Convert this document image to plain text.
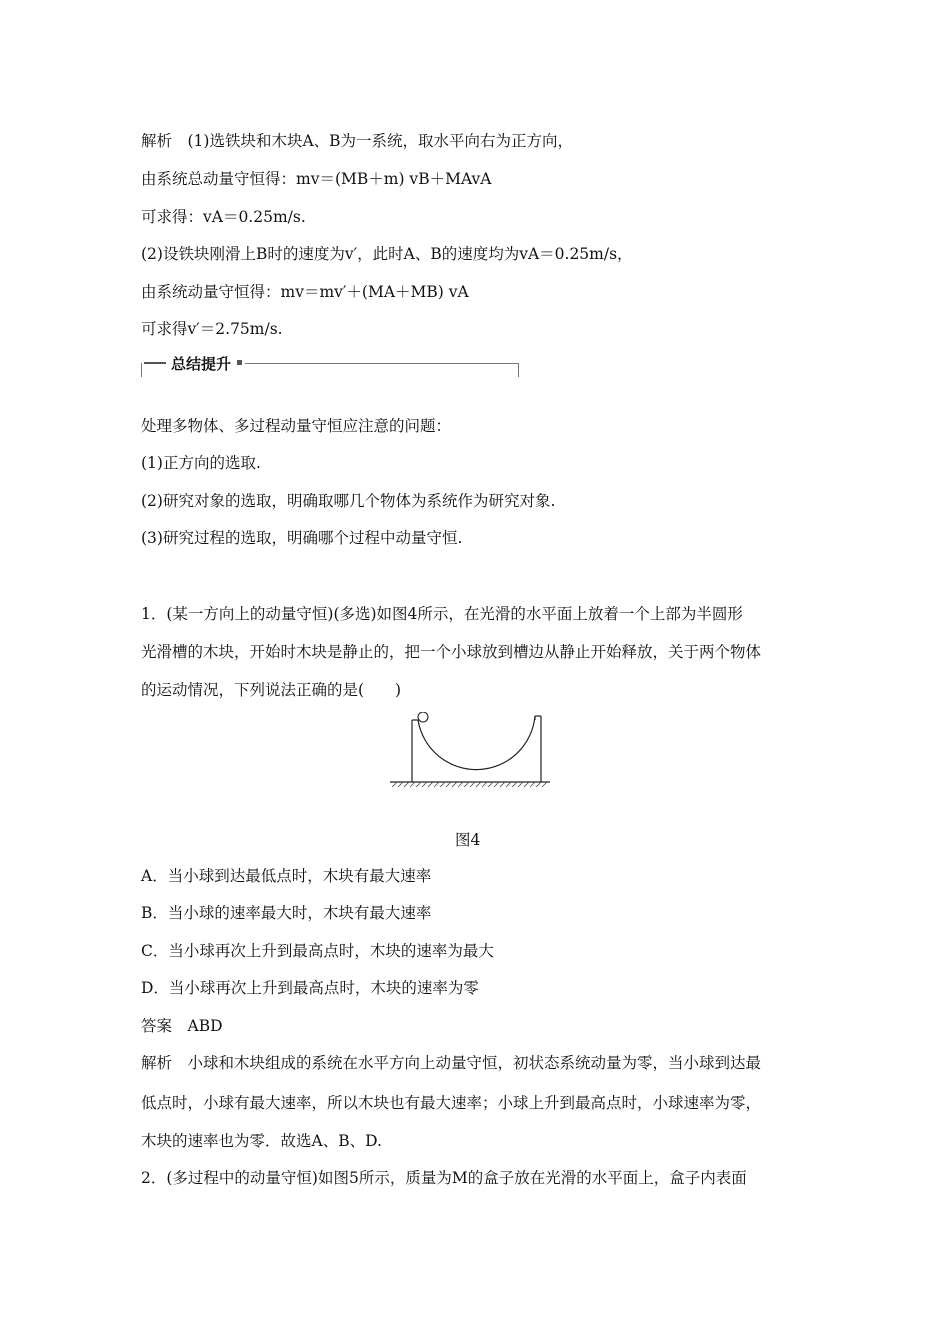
解析　(1)选铁块和木块A、B为一系统，取水平向右为正方向，
由系统总动量守恒得：mv＝(MB＋m) vB＋MAvA
可求得：vA＝0.25m/s.
(2)设铁块刚滑上B时的速度为v′，此时A、B的速度均为vA＝0.25m/s，
由系统动量守恒得：mv＝mv′＋(MA＋MB) vA
可求得v′＝2.75m/s.
处理多物体、多过程动量守恒应注意的问题：
(1)正方向的选取.
(2)研究对象的选取，明确取哪几个物体为系统作为研究对象.
(3)研究过程的选取，明确哪个过程中动量守恒.
1．(某一方向上的动量守恒)(多选)如图4所示，在光滑的水平面上放着一个上部为半圆形
光滑槽的木块，开始时木块是静止的，把一个小球放到槽边从静止开始释放，关于两个物体
的运动情况，下列说法正确的是(　　)
A．当小球到达最低点时，木块有最大速率
B．当小球的速率最大时，木块有最大速率
C．当小球再次上升到最高点时，木块的速率为最大
D．当小球再次上升到最高点时，木块的速率为零
答案　ABD
解析　小球和木块组成的系统在水平方向上动量守恒，初状态系统动量为零，当小球到达最
低点时，小球有最大速率，所以木块也有最大速率；小球上升到最高点时，小球速率为零，
木块的速率也为零．故选A、B、D.
2．(多过程中的动量守恒)如图5所示，质量为M的盒子放在光滑的水平面上，盒子内表面
总结提升
图4
